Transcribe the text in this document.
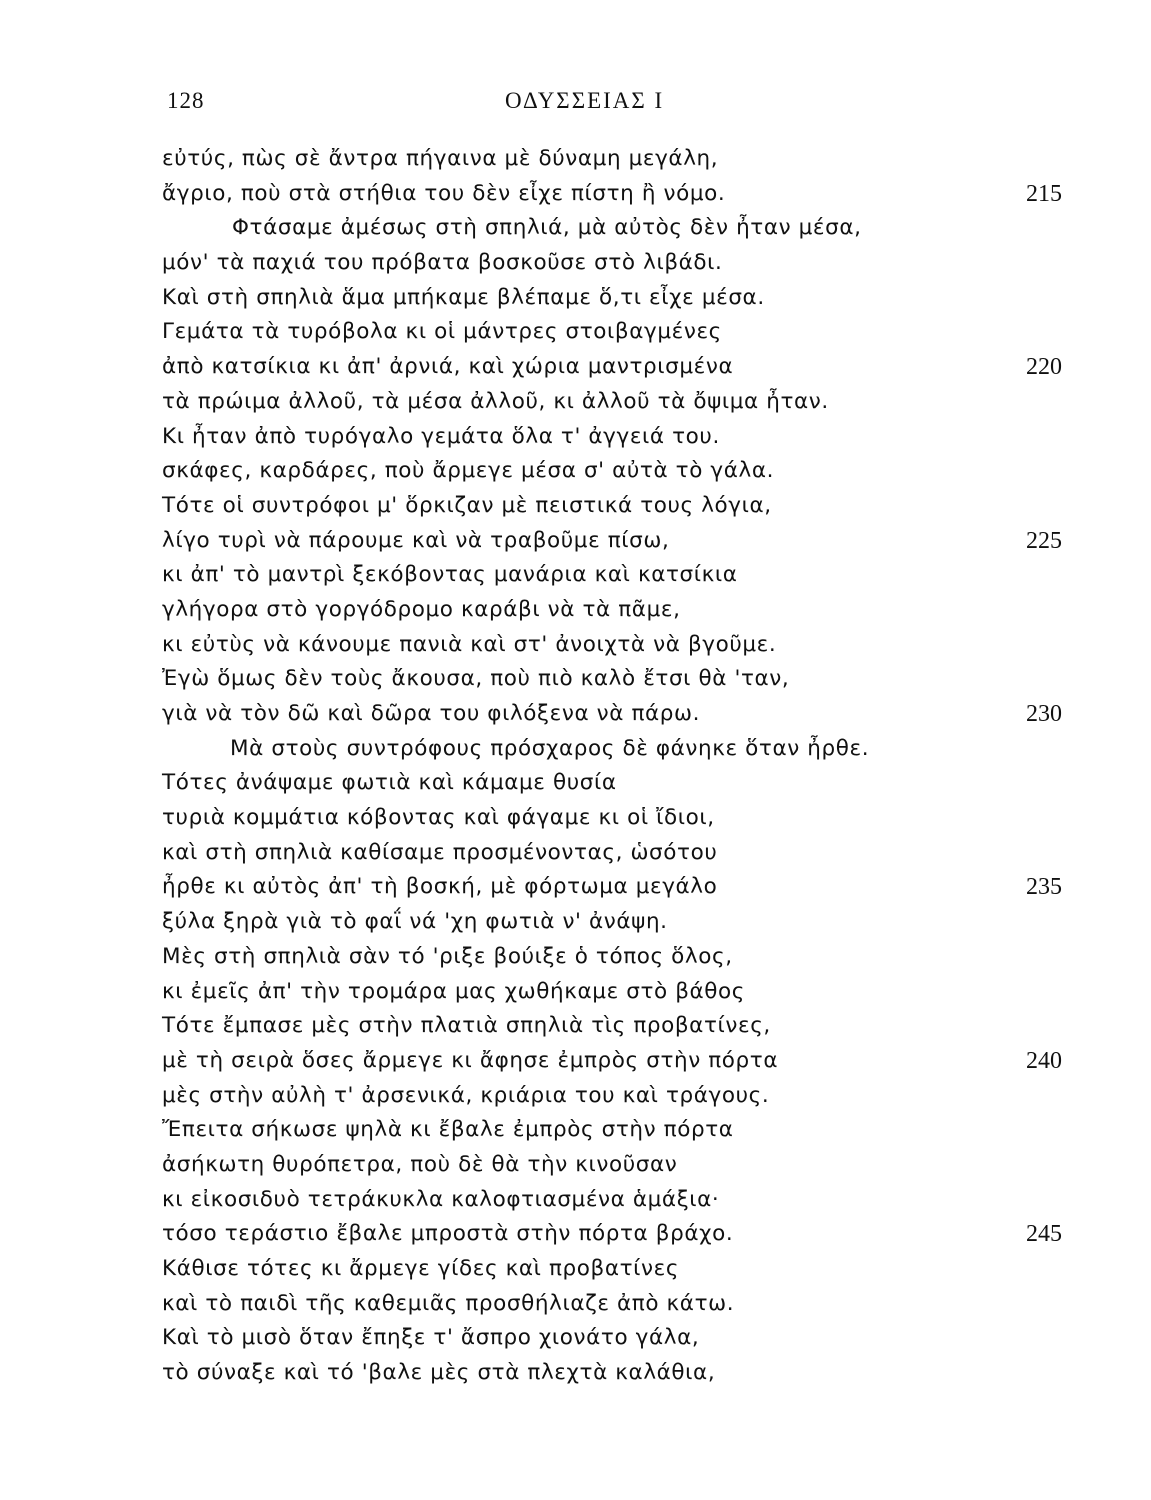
128	ΟΔΥΣΣΕΙΑΣ Ι
εὐτύς, πὼς σὲ ἄντρα πήγαινα μὲ δύναμη μεγάλη,
ἄγριο, ποὺ στὰ στήθια του δὲν εἶχε πίστη ἢ νόμο.	215
Φτάσαμε ἀμέσως στὴ σπηλιά, μὰ αὐτὸς δὲν ἦταν μέσα,
μόν' τὰ παχιά του πρόβατα βοσκοῦσε στὸ λιβάδι.
Καὶ στὴ σπηλιὰ ἅμα μπήκαμε βλέπαμε ὅ,τι εἶχε μέσα.
Γεμάτα τὰ τυρόβολα κι οἱ μάντρες στοιβαγμένες
ἀπὸ κατσίκια κι ἀπ' ἀρνιά, καὶ χώρια μαντρισμένα	220
τὰ πρώιμα ἀλλοῦ, τὰ μέσα ἀλλοῦ, κι ἀλλοῦ τὰ ὄψιμα ἦταν.
Κι ἦταν ἀπὸ τυρόγαλο γεμάτα ὅλα τ' ἀγγειά του.
σκάφες, καρδάρες, ποὺ ἄρμεγε μέσα σ' αὐτὰ τὸ γάλα.
Τότε οἱ συντρόφοι μ' ὅρκιζαν μὲ πειστικά τους λόγια,
λίγο τυρὶ νὰ πάρουμε καὶ νὰ τραβοῦμε πίσω,	225
κι ἀπ' τὸ μαντρὶ ξεκόβοντας μανάρια καὶ κατσίκια
γλήγορα στὸ γοργόδρομο καράβι νὰ τὰ πᾶμε,
κι εὐτὺς νὰ κάνουμε πανιὰ καὶ στ' ἀνοιχτὰ νὰ βγοῦμε.
Ἐγὼ ὅμως δὲν τοὺς ἄκουσα, ποὺ πιὸ καλὸ ἔτσι θὰ 'ταν,
γιὰ νὰ τὸν δῶ καὶ δῶρα του φιλόξενα νὰ πάρω.	230
Μὰ στοὺς συντρόφους πρόσχαρος δὲ φάνηκε ὅταν ἦρθε.
Τότες ἀνάψαμε φωτιὰ καὶ κάμαμε θυσία
τυριὰ κομμάτια κόβοντας καὶ φάγαμε κι οἱ ἴδιοι,
καὶ στὴ σπηλιὰ καθίσαμε προσμένοντας, ὡσότου
ἦρθε κι αὐτὸς ἀπ' τὴ βοσκή, μὲ φόρτωμα μεγάλο	235
ξύλα ξηρὰ γιὰ τὸ φαΐ νά 'χη φωτιὰ ν' ἀνάψη.
Μὲς στὴ σπηλιὰ σὰν τό 'ριξε βούιξε ὁ τόπος ὅλος,
κι ἐμεῖς ἀπ' τὴν τρομάρα μας χωθήκαμε στὸ βάθος
Τότε ἔμπασε μὲς στὴν πλατιὰ σπηλιὰ τὶς προβατίνες,
μὲ τὴ σειρὰ ὅσες ἄρμεγε κι ἄφησε ἐμπρὸς στὴν πόρτα	240
μὲς στὴν αὐλὴ τ' ἀρσενικά, κριάρια του καὶ τράγους.
Ἔπειτα σήκωσε ψηλὰ κι ἔβαλε ἐμπρὸς στὴν πόρτα
ἀσήκωτη θυρόπετρα, ποὺ δὲ θὰ τὴν κινοῦσαν
κι εἰκοσιδυὸ τετράκυκλα καλοφτιασμένα ἁμάξια·
τόσο τεράστιο ἔβαλε μπροστὰ στὴν πόρτα βράχο.	245
Κάθισε τότες κι ἄρμεγε γίδες καὶ προβατίνες
καὶ τὸ παιδὶ τῆς καθεμιᾶς προσθήλιαζε ἀπὸ κάτω.
Καὶ τὸ μισὸ ὅταν ἔπηξε τ' ἄσπρο χιονάτο γάλα,
τὸ σύναξε καὶ τό 'βαλε μὲς στὰ πλεχτὰ καλάθια,
